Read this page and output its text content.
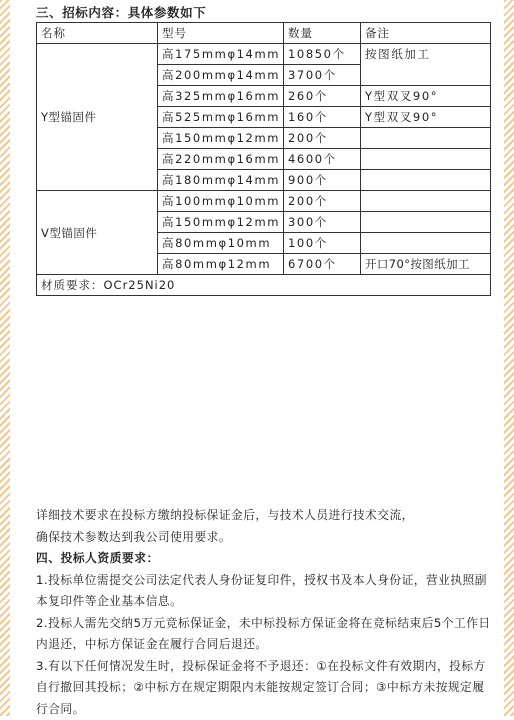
三、招标内容：具体参数如下
名称	型号	数量	备注
Y型锚固件	高175mmφ14mm	10850个	按图纸加工
	高200mmφ14mm	3700个	
	高325mmφ16mm	260个	Y型双叉90°
	高525mmφ16mm	160个	Y型双叉90°
	高150mmφ12mm	200个	
	高220mmφ16mm	4600个	
	高180mmφ14mm	900个	
V型锚固件	高100mmφ10mm	200个	
	高150mmφ12mm	300个	
	高80mmφ10mm	100个	
	高80mmφ12mm	6700个	开口70°按图纸加工
材质要求：OCr25Ni20			

详细技术要求在投标方缴纳投标保证金后，与技术人员进行技术交流，

确保技术参数达到我公司使用要求。

四、投标人资质要求：

1.投标单位需提交公司法定代表人身份证复印件，授权书及本人身份证，营业执照副本复印件等企业基本信息。

2.投标人需先交纳5万元竞标保证金，未中标投标方保证金将在竞标结束后5个工作日内退还，中标方保证金在履行合同后退还。

3.有以下任何情况发生时，投标保证金将不予退还：①在投标文件有效期内，投标方自行撤回其投标；②中标方在规定期限内未能按规定签订合同；③中标方未按规定履行合同。
